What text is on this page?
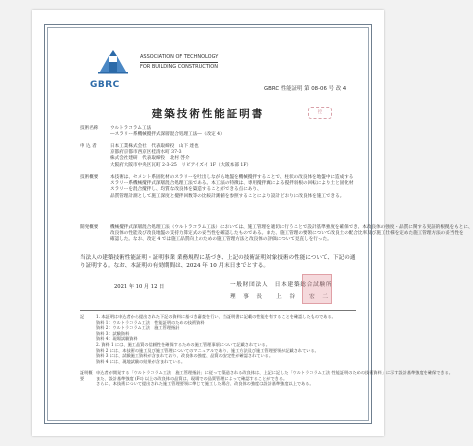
GBRC
ASSOCIATION OF TECHNOLOGY
FOR BUILDING CONSTRUCTION
GBRC 性能証明 第 08-06 号 改 4
建築技術性能証明書	控
技術名称	ウルトラコラム工法
―スラリー系機械攪拌式深層混合処理工法―（改定 4）
申 込 者	日本工業株式会社　代表取締役　山下 達也
京都府京都市西京区桂清水町 37-3
株式会社建研　代表取締役　北村 啓介
大阪府大阪市中央区瓦町 2-3-25　リビアイズイ 1F（大阪本部 1F）
技術概要	本技術は、セメント系固化材のスラリーを吐出しながら地盤を機械攪拌することで、柱状の改良体を地盤中に造成するスラリー系機械攪拌式深層混合処理工法である。本工法の特徴は、専用攪拌翼による撹拌羽根の回転により土と固化材スラリーを混合攪拌し、均質な改良体を築造することができる点にあり、
品質管理計測として施工深度と攪拌回数等の比較計測値を参照することにより設計どおりに改良体を施工できる。
開発概要	機械攪拌式深層混合処理工法（ウルトラコラム工法）においては、施工管理を適切に行うことで設計基準強度を確保でき、本改良体の強度・品質に関する実証的根拠をもとに、
改良体の性能及び改良地盤の支持力算定式の妥当性を確認したものである。また、施工管理の要領について改良土の配合比率及び施工仕様を定めた施工管理方法の妥当性を
確認した。なお、改定 4 では施工品質向上のための施工管理方法と改良体の評価について見直しを行った。
当法人の建築技術性能証明・証明事業 業務規程に基づき、上記の技術証明対象技術の性能について、下記の通り証明する。なお、本証明の有効期間は、2024 年 10 月末日までとする。
2021 年 10 月 12 日	一般財団法人　日本建築総合試験所
理　事　長　　上　谷　　宏　二
記	1. 本証明は申込者から提出された下記の資料に基づき審査を行い、当証明書に記載の性能を有することを確認したものである。
資料 1：ウルトラコラム工法　性能証明のための技術資料
資料 2：ウルトラコラム工法　施工管理指針
資料 3：試験資料
資料 4：現場試験資料
2. 資料 1 には、施工品質の信頼性を確保するための施工管理事項について記載されている。
資料 2 には、本技術の施工及び施工管理についてのマニュアルであり、施工方法及び施工管理要領が記載されている。
資料 3 には、試験施工資料が含まれており、改良体の強度、品質の安定性が確認されている。
資料 4 には、現地試験の結果が含まれている。
証明概要
申込者が開発する「ウルトラコラム工法　施工管理指針」に従って築造される改良体は、上記に記した「ウルトラコラム工法 性能証明のための技術資料」に示す設計基準強度を確保できる。
また、設計基準強度 (Fc) 以上の改良体の品質は、現場での品質管理によって確認することができる。
さらに、本技術について提出された施工管理要領に準じて施工した場合、改良体の強度は設計基準強度以上である。
